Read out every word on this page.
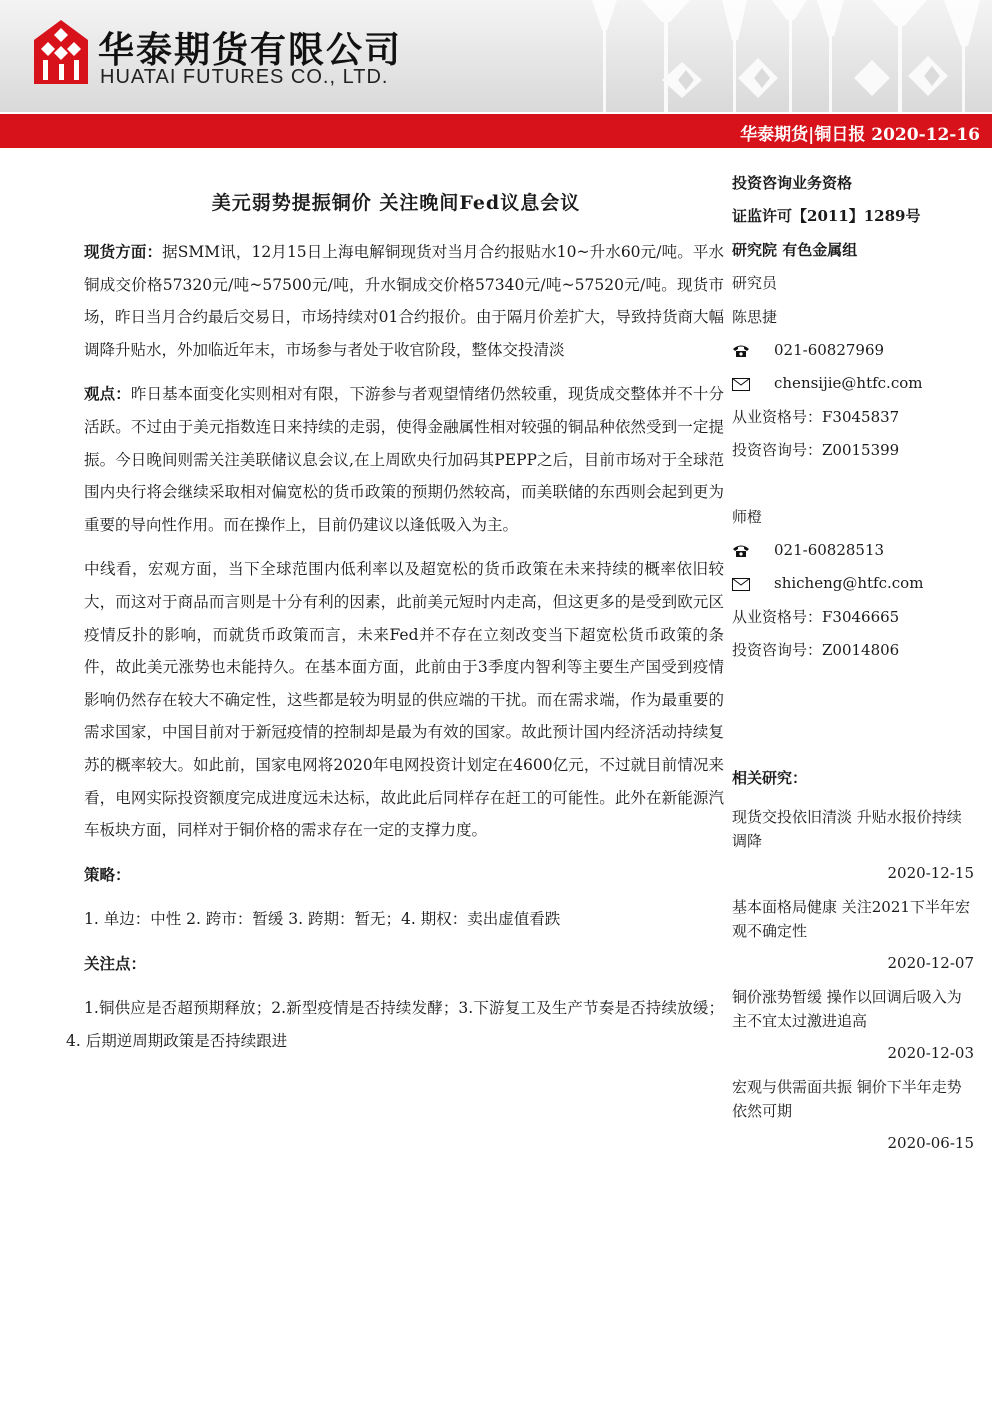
华泰期货有限公司
HUATAI FUTURES CO., LTD.
华泰期货|铜日报 2020-12-16
美元弱势提振铜价 关注晚间Fed议息会议

现货方面：据SMM讯，12月15日上海电解铜现货对当月合约报贴水10~升水60元/吨。平水铜成交价格57320元/吨~57500元/吨，升水铜成交价格57340元/吨~57520元/吨。现货市场，昨日当月合约最后交易日，市场持续对01合约报价。由于隔月价差扩大，导致持货商大幅调降升贴水，外加临近年末，市场参与者处于收官阶段，整体交投清淡

观点：昨日基本面变化实则相对有限，下游参与者观望情绪仍然较重，现货成交整体并不十分活跃。不过由于美元指数连日来持续的走弱，使得金融属性相对较强的铜品种依然受到一定提振。今日晚间则需关注美联储议息会议,在上周欧央行加码其PEPP之后，目前市场对于全球范围内央行将会继续采取相对偏宽松的货币政策的预期仍然较高，而美联储的东西则会起到更为重要的导向性作用。而在操作上，目前仍建议以逢低吸入为主。

中线看，宏观方面，当下全球范围内低利率以及超宽松的货币政策在未来持续的概率依旧较大，而这对于商品而言则是十分有利的因素，此前美元短时内走高，但这更多的是受到欧元区疫情反扑的影响，而就货币政策而言，未来Fed并不存在立刻改变当下超宽松货币政策的条件，故此美元涨势也未能持久。在基本面方面，此前由于3季度内智利等主要生产国受到疫情影响仍然存在较大不确定性，这些都是较为明显的供应端的干扰。而在需求端，作为最重要的需求国家，中国目前对于新冠疫情的控制却是最为有效的国家。故此预计国内经济活动持续复苏的概率较大。如此前，国家电网将2020年电网投资计划定在4600亿元，不过就目前情况来看，电网实际投资额度完成进度远未达标，故此此后同样存在赶工的可能性。此外在新能源汽车板块方面，同样对于铜价格的需求存在一定的支撑力度。

策略：

1. 单边：中性 2. 跨市：暂缓 3. 跨期：暂无；4. 期权：卖出虚值看跌

关注点：

1.铜供应是否超预期释放；2.新型疫情是否持续发酵；3.下游复工及生产节奏是否持续放缓；4. 后期逆周期政策是否持续跟进

投资咨询业务资格
证监许可【2011】1289号
研究院 有色金属组
研究员
陈思捷
021-60827969
chensijie@htfc.com
从业资格号：F3045837
投资咨询号：Z0015399
师橙
021-60828513
shicheng@htfc.com
从业资格号：F3046665
投资咨询号：Z0014806
相关研究：
现货交投依旧清淡 升贴水报价持续调降
2020-12-15
基本面格局健康 关注2021下半年宏观不确定性
2020-12-07
铜价涨势暂缓 操作以回调后吸入为主不宜太过激进追高
2020-12-03
宏观与供需面共振 铜价下半年走势依然可期
2020-06-15
